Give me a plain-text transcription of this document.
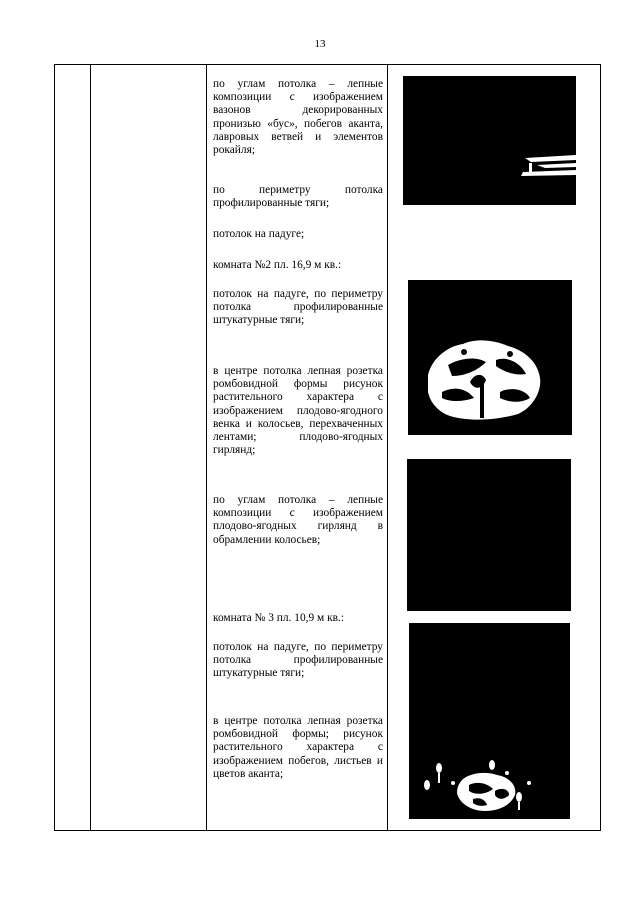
13
по углам потолка – лепные композиции с изображением вазонов декорированных пронизью «бус», побегов аканта, лавровых ветвей и элементов рокайля;
по периметру потолка профилированные тяги;
потолок на падуге;
комната №2 пл. 16,9 м кв.:
потолок на падуге, по периметру потолка профилированные штукатурные тяги;
в центре потолка лепная розетка ромбовидной формы рисунок растительного характера с изображением плодово-ягодного венка и колосьев, перехваченных лентами; плодово-ягодных гирлянд;
по углам потолка – лепные композиции с изображением плодово-ягодных гирлянд в обрамлении колосьев;
комната № 3 пл. 10,9 м кв.:
потолок на падуге, по периметру потолка профилированные штукатурные тяги;
в центре потолка лепная розетка ромбовидной формы; рисунок растительного характера с изображением побегов, листьев и цветов аканта;
